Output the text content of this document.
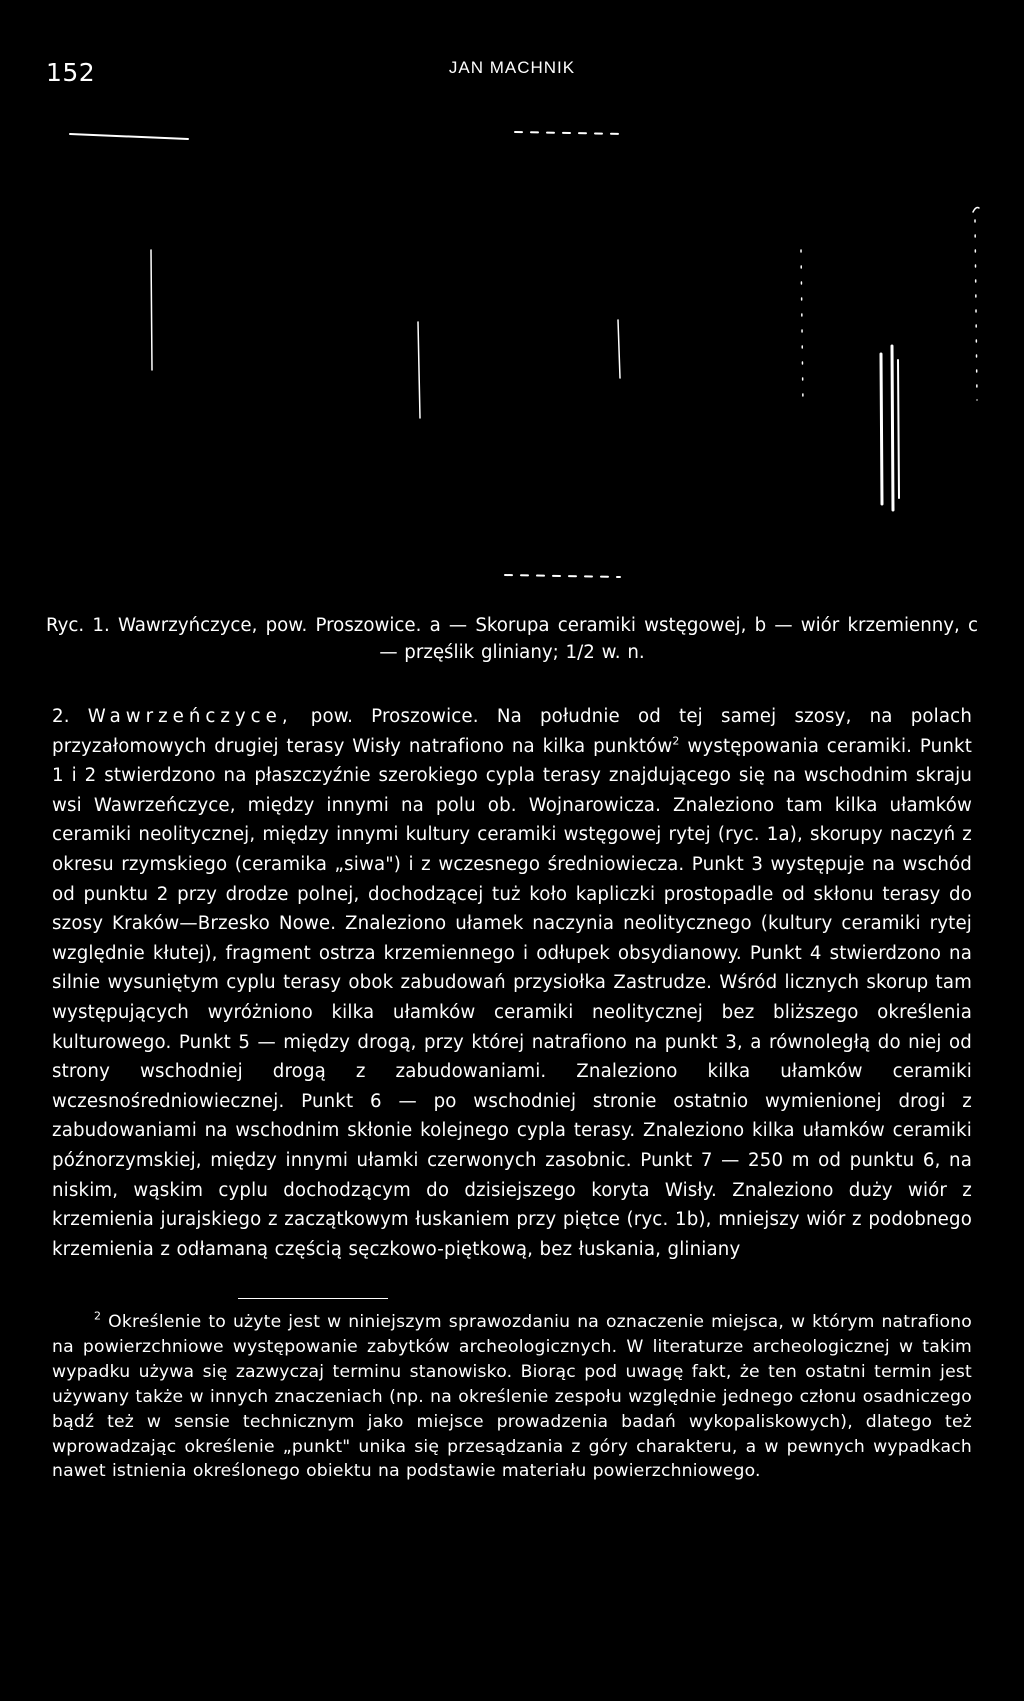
152	JAN MACHNIK
Ryc. 1. Wawrzyńczyce, pow. Proszowice. a — Skorupa ceramiki wstęgowej, b — wiór krzemienny, c — przęślik gliniany; 1/2 w. n.
2. Wawrzeńczyce, pow. Proszowice. Na południe od tej samej szosy, na polach przyzałomowych drugiej terasy Wisły natrafiono na kilka punktów$^2$ występowania ceramiki. Punkt 1 i 2 stwierdzono na płaszczyźnie szerokiego cypla terasy znajdującego się na wschodnim skraju wsi Wawrzeńczyce, między innymi na polu ob. Wojnarowicza. Znaleziono tam kilka ułamków ceramiki neolitycznej, między innymi kultury ceramiki wstęgowej rytej (ryc. 1a), skorupy naczyń z okresu rzymskiego (ceramika „siwa") i z wczesnego średniowiecza. Punkt 3 występuje na wschód od punktu 2 przy drodze polnej, dochodzącej tuż koło kapliczki prostopadle od skłonu terasy do szosy Kraków—Brzesko Nowe. Znaleziono ułamek naczynia neolitycznego (kultury ceramiki rytej względnie kłutej), fragment ostrza krzemiennego i odłupek obsydianowy. Punkt 4 stwierdzono na silnie wysuniętym cyplu terasy obok zabudowań przysiołka Zastrudze. Wśród licznych skorup tam występujących wyróżniono kilka ułamków ceramiki neolitycznej bez bliższego określenia kulturowego. Punkt 5 — między drogą, przy której natrafiono na punkt 3, a równoległą do niej od strony wschodniej drogą z zabudowaniami. Znaleziono kilka ułamków ceramiki wczesnośredniowiecznej. Punkt 6 — po wschodniej stronie ostatnio wymienionej drogi z zabudowaniami na wschodnim skłonie kolejnego cypla terasy. Znaleziono kilka ułamków ceramiki późnorzymskiej, między innymi ułamki czerwonych zasobnic. Punkt 7 — 250 m od punktu 6, na niskim, wąskim cyplu dochodzącym do dzisiejszego koryta Wisły. Znaleziono duży wiór z krzemienia jurajskiego z zaczątkowym łuskaniem przy piętce (ryc. 1b), mniejszy wiór z podobnego krzemienia z odłamaną częścią sęczkowo-piętkową, bez łuskania, gliniany
$^2$ Określenie to użyte jest w niniejszym sprawozdaniu na oznaczenie miejsca, w którym natrafiono na powierzchniowe występowanie zabytków archeologicznych. W literaturze archeologicznej w takim wypadku używa się zazwyczaj terminu stanowisko. Biorąc pod uwagę fakt, że ten ostatni termin jest używany także w innych znaczeniach (np. na określenie zespołu względnie jednego członu osadniczego bądź też w sensie technicznym jako miejsce prowadzenia badań wykopaliskowych), dlatego też wprowadzając określenie „punkt" unika się przesądzania z góry charakteru, a w pewnych wypadkach nawet istnienia określonego obiektu na podstawie materiału powierzchniowego.
